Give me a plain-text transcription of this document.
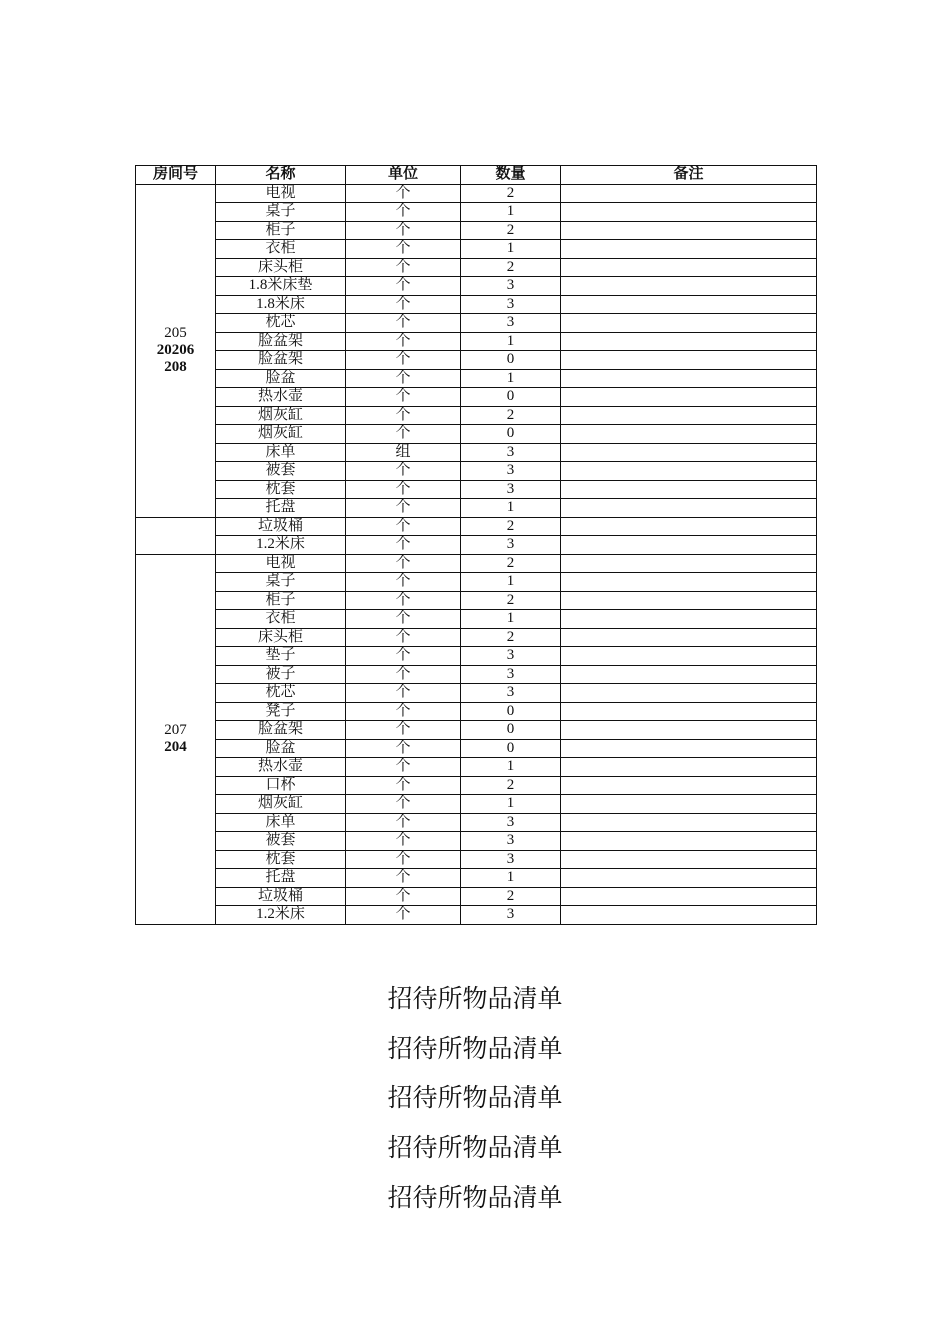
房间号	名称	单位	数量	备注

205
20206
208	电视	个	2	
	桌子	个	1	
	柜子	个	2	
	衣柜	个	1	
	床头柜	个	2	
	1.8米床垫	个	3	
	1.8米床	个	3	
	枕芯	个	3	
	脸盆架	个	1	
	脸盆架	个	0	
	脸盆	个	1	
	热水壶	个	0	
	烟灰缸	个	2	
	烟灰缸	个	0	
	床单	组	3	
	被套	个	3	
	枕套	个	3	
	托盘	个	1	
	垃圾桶	个	2	
	1.2米床	个	3	

207
204	电视	个	2	
	桌子	个	1	
	柜子	个	2	
	衣柜	个	1	
	床头柜	个	2	
	垫子	个	3	
	被子	个	3	
	枕芯	个	3	
	凳子	个	0	
	脸盆架	个	0	
	脸盆	个	0	
	热水壶	个	1	
	口杯	个	2	
	烟灰缸	个	1	
	床单	个	3	
	被套	个	3	
	枕套	个	3	
	托盘	个	1	
	垃圾桶	个	2	
	1.2米床	个	3	
招待所物品清单
招待所物品清单
招待所物品清单
招待所物品清单
招待所物品清单
